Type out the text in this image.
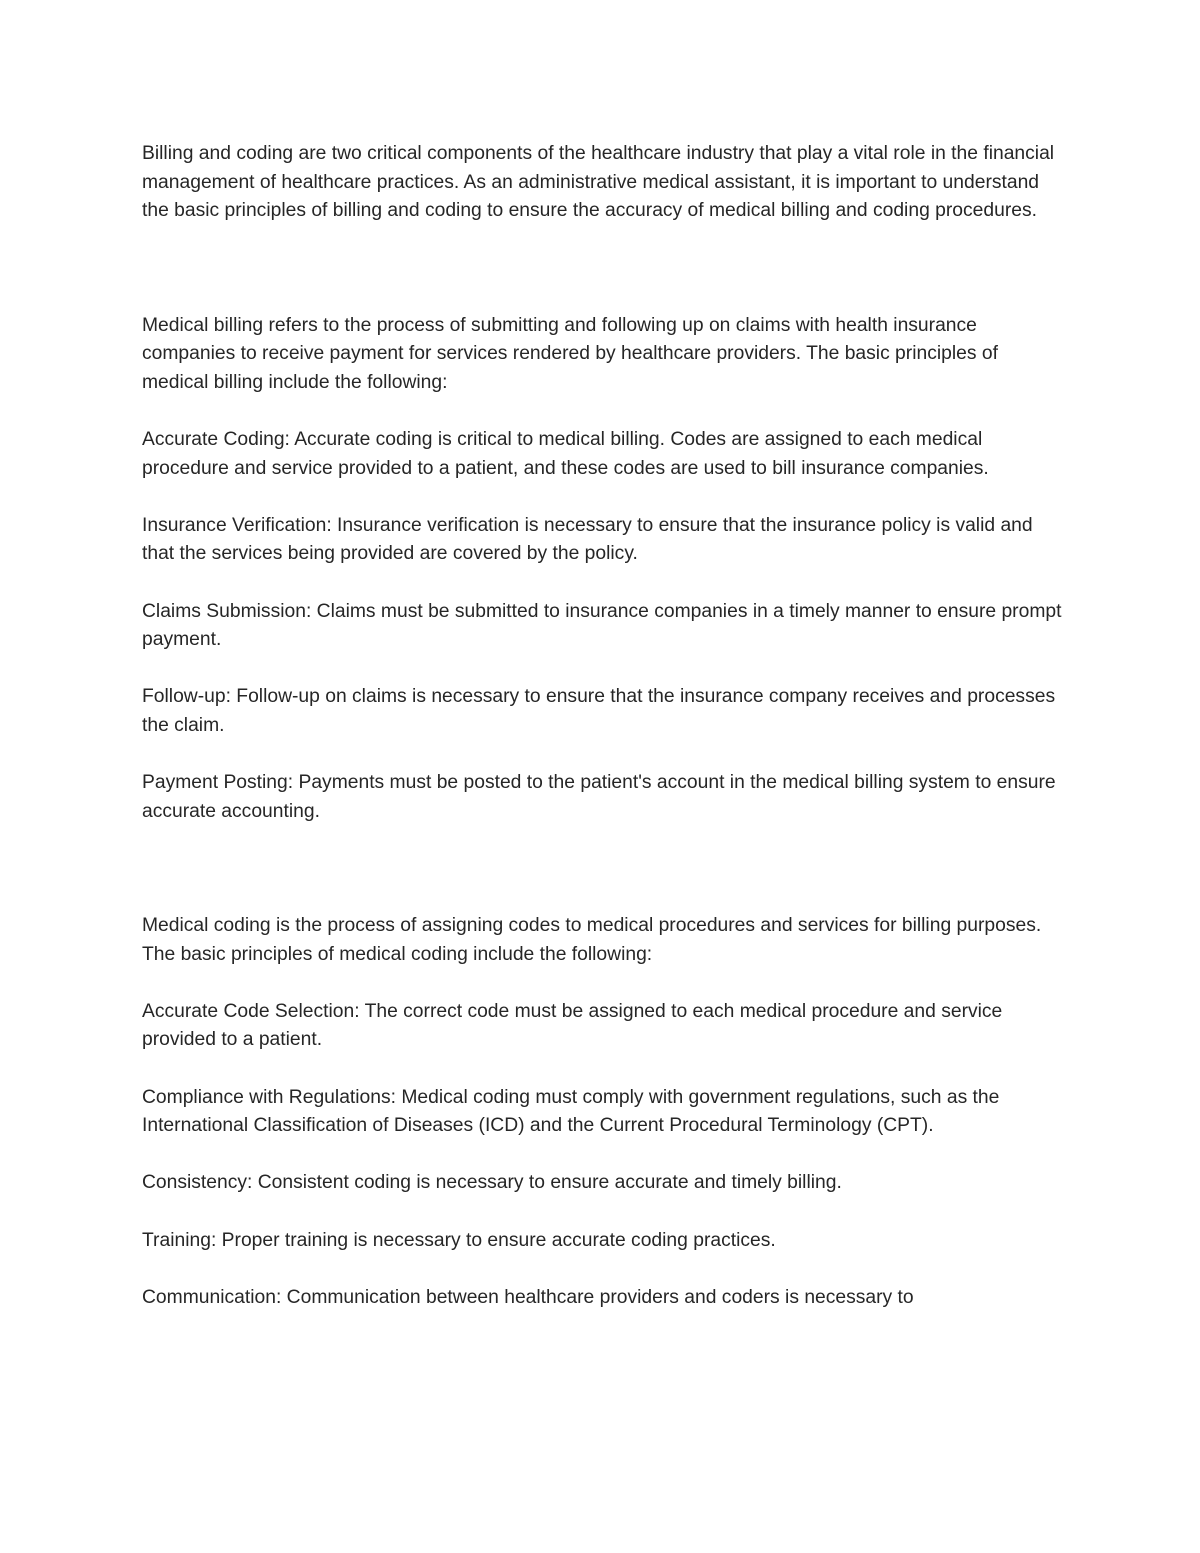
Billing and coding are two critical components of the healthcare industry that play a vital role in the financial management of healthcare practices. As an administrative medical assistant, it is important to understand the basic principles of billing and coding to ensure the accuracy of medical billing and coding procedures.

Medical billing refers to the process of submitting and following up on claims with health insurance companies to receive payment for services rendered by healthcare providers. The basic principles of medical billing include the following:

Accurate Coding: Accurate coding is critical to medical billing. Codes are assigned to each medical procedure and service provided to a patient, and these codes are used to bill insurance companies.

Insurance Verification: Insurance verification is necessary to ensure that the insurance policy is valid and that the services being provided are covered by the policy.

Claims Submission: Claims must be submitted to insurance companies in a timely manner to ensure prompt payment.

Follow-up: Follow-up on claims is necessary to ensure that the insurance company receives and processes the claim.

Payment Posting: Payments must be posted to the patient's account in the medical billing system to ensure accurate accounting.

Medical coding is the process of assigning codes to medical procedures and services for billing purposes. The basic principles of medical coding include the following:

Accurate Code Selection: The correct code must be assigned to each medical procedure and service provided to a patient.

Compliance with Regulations: Medical coding must comply with government regulations, such as the International Classification of Diseases (ICD) and the Current Procedural Terminology (CPT).

Consistency: Consistent coding is necessary to ensure accurate and timely billing.

Training: Proper training is necessary to ensure accurate coding practices.

Communication: Communication between healthcare providers and coders is necessary to
